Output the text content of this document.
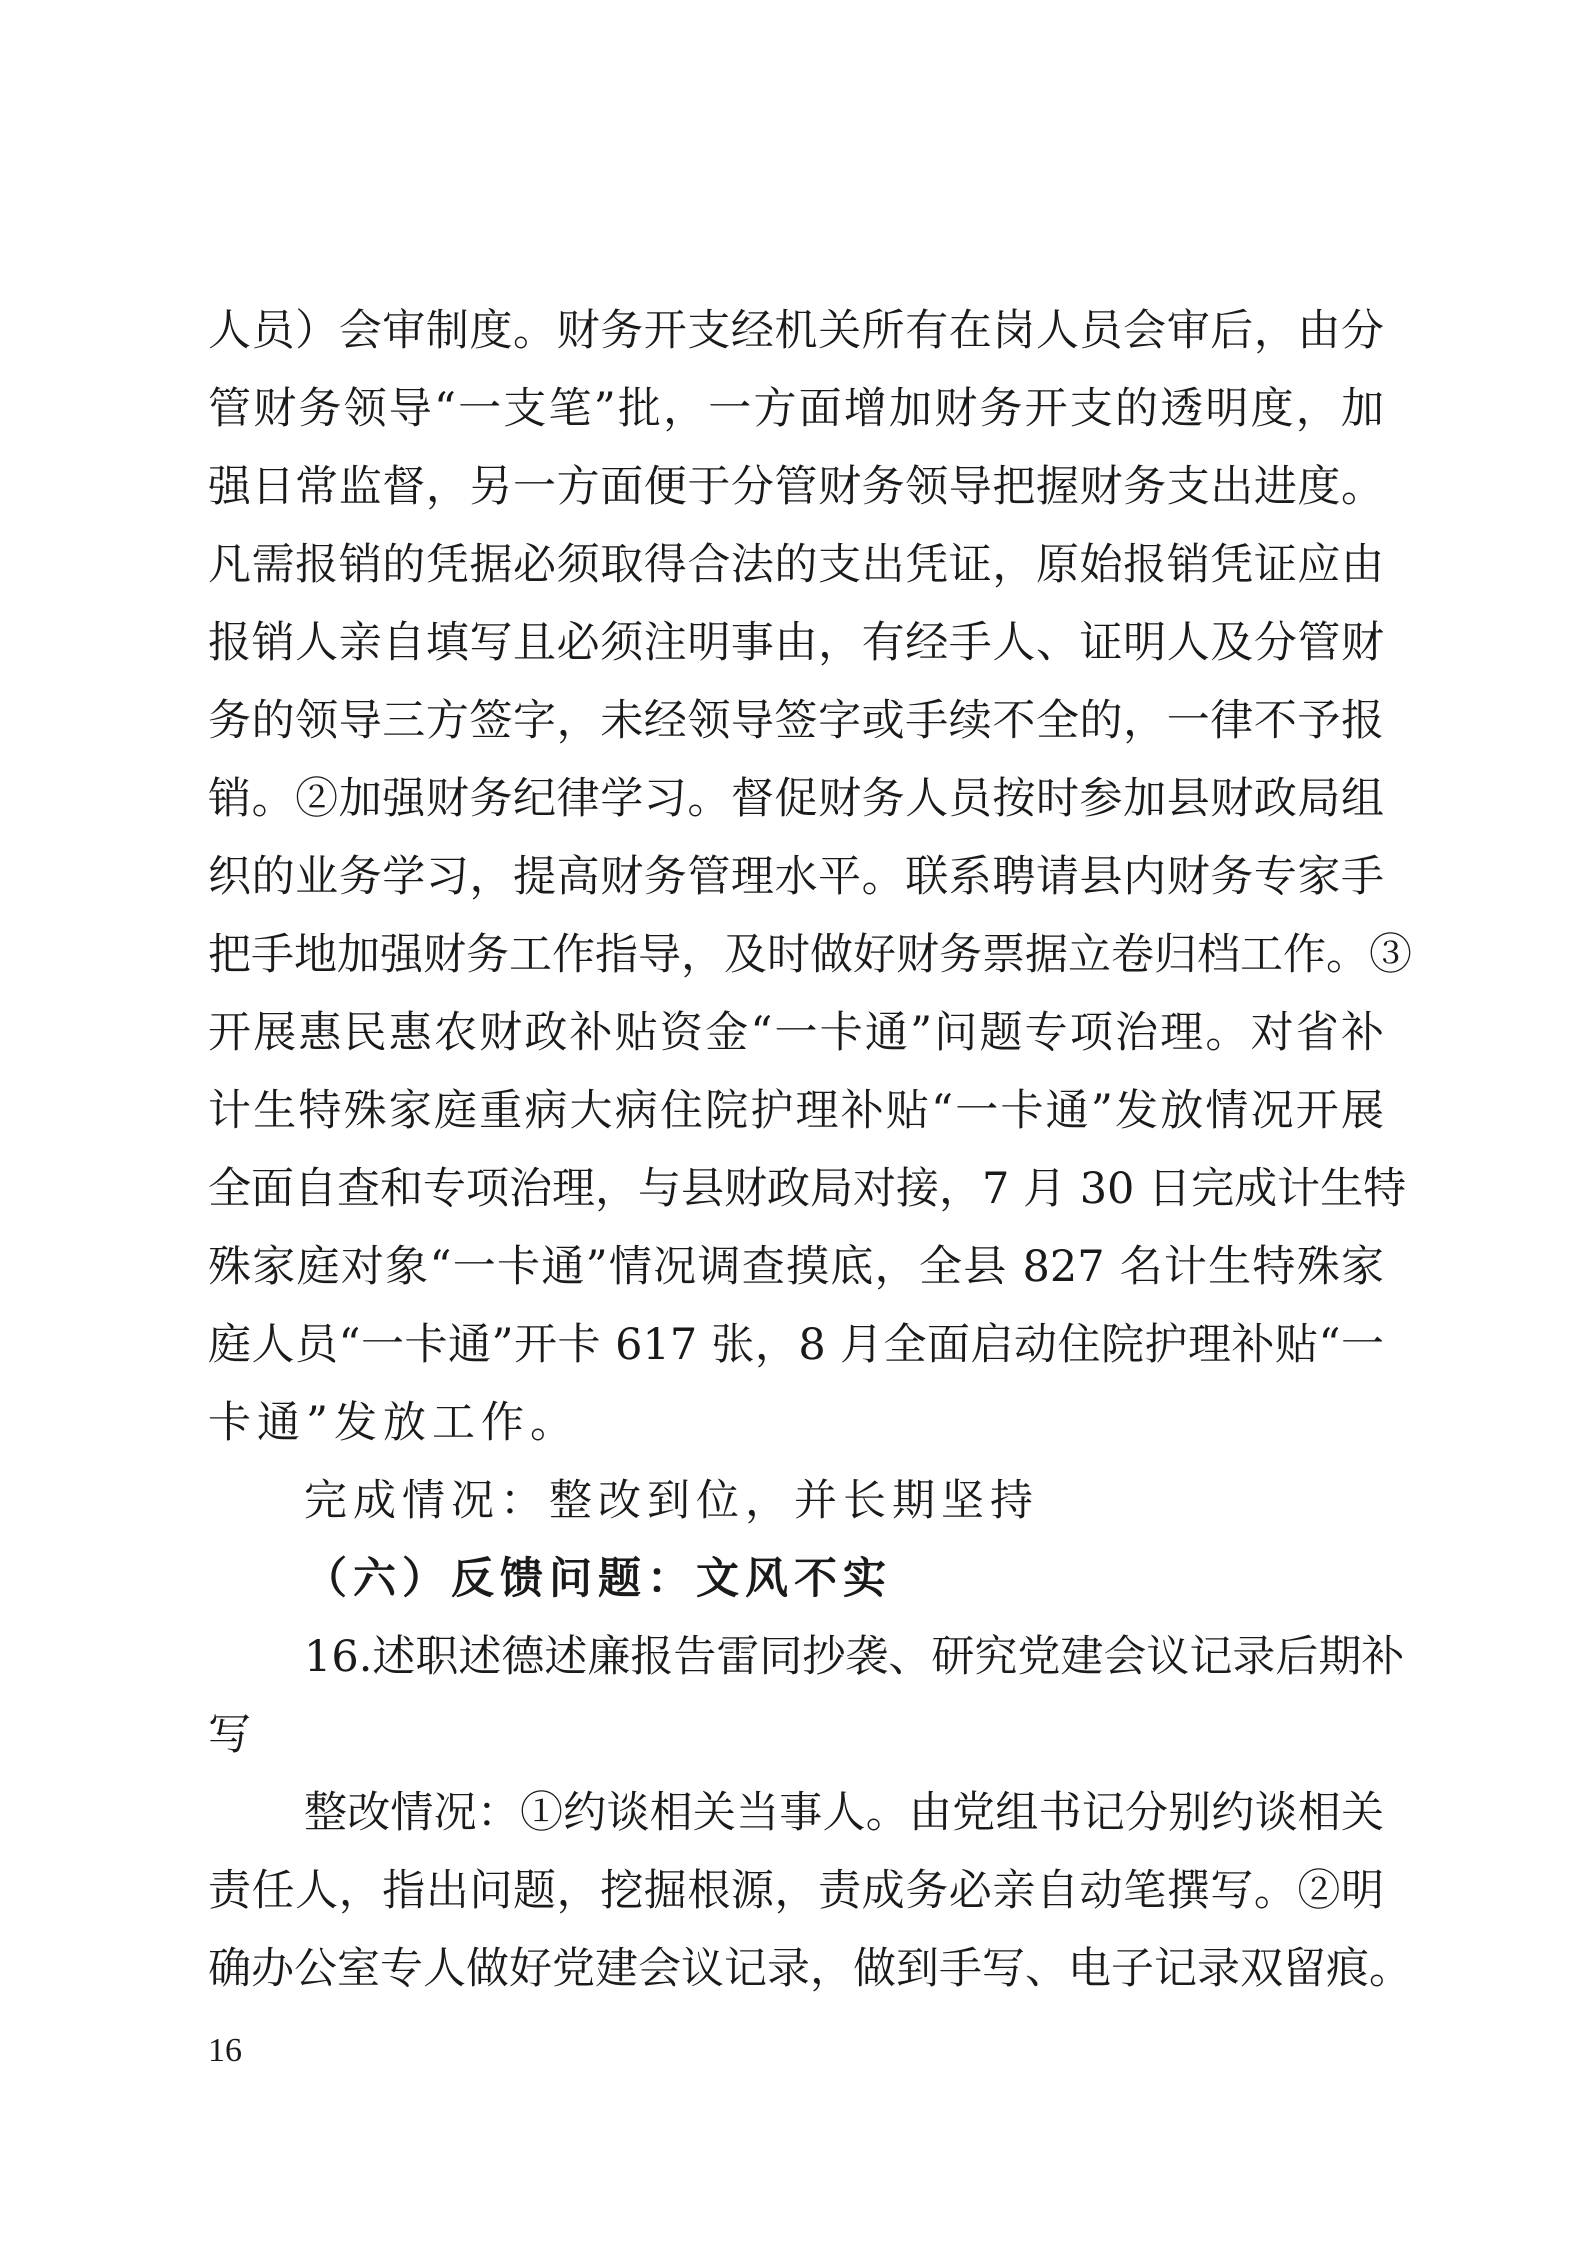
人员）会审制度。财务开支经机关所有在岗人员会审后，由分
管财务领导“一支笔”批，一方面增加财务开支的透明度，加
强日常监督，另一方面便于分管财务领导把握财务支出进度。
凡需报销的凭据必须取得合法的支出凭证，原始报销凭证应由
报销人亲自填写且必须注明事由，有经手人、证明人及分管财
务的领导三方签字，未经领导签字或手续不全的，一律不予报
销。②加强财务纪律学习。督促财务人员按时参加县财政局组
织的业务学习，提高财务管理水平。联系聘请县内财务专家手
把手地加强财务工作指导，及时做好财务票据立卷归档工作。③
开展惠民惠农财政补贴资金“一卡通”问题专项治理。对省补
计生特殊家庭重病大病住院护理补贴“一卡通”发放情况开展
全面自查和专项治理，与县财政局对接，7 月 30 日完成计生特
殊家庭对象“一卡通”情况调查摸底，全县 827 名计生特殊家
庭人员“一卡通”开卡 617 张，8 月全面启动住院护理补贴“一
卡通”发放工作。
完成情况：整改到位，并长期坚持
（六）反馈问题：文风不实
16.述职述德述廉报告雷同抄袭、研究党建会议记录后期补
写
整改情况：①约谈相关当事人。由党组书记分别约谈相关
责任人，指出问题，挖掘根源，责成务必亲自动笔撰写。②明
确办公室专人做好党建会议记录，做到手写、电子记录双留痕。
16
